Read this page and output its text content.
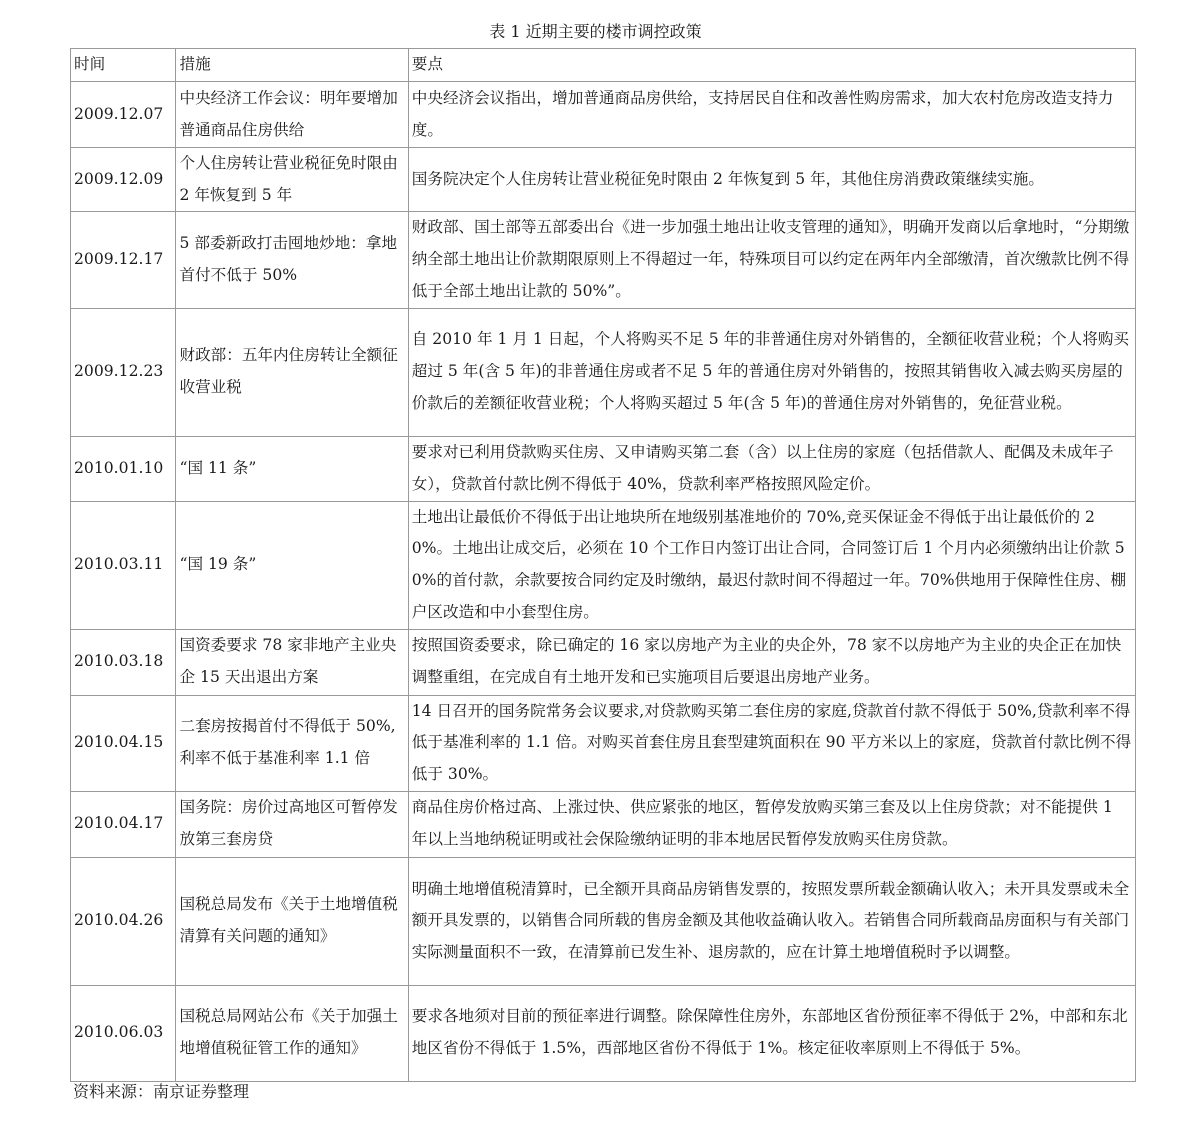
表 1 近期主要的楼市调控政策
时间	措施	要点
2009.12.07	中央经济工作会议：明年要增加普通商品住房供给	中央经济会议指出，增加普通商品房供给，支持居民自住和改善性购房需求，加大农村危房改造支持力度。
2009.12.09	个人住房转让营业税征免时限由 2 年恢复到 5 年	国务院决定个人住房转让营业税征免时限由 2 年恢复到 5 年，其他住房消费政策继续实施。
2009.12.17	5 部委新政打击囤地炒地：拿地首付不低于 50%	财政部、国土部等五部委出台《进一步加强土地出让收支管理的通知》，明确开发商以后拿地时，“分期缴纳全部土地出让价款期限原则上不得超过一年，特殊项目可以约定在两年内全部缴清，首次缴款比例不得低于全部土地出让款的 50%”。
2009.12.23	财政部：五年内住房转让全额征收营业税	自 2010 年 1 月 1 日起，个人将购买不足 5 年的非普通住房对外销售的，全额征收营业税；个人将购买超过 5 年(含 5 年)的非普通住房或者不足 5 年的普通住房对外销售的，按照其销售收入减去购买房屋的价款后的差额征收营业税；个人将购买超过 5 年(含 5 年)的普通住房对外销售的，免征营业税。
2010.01.10	“国 11 条”	要求对已利用贷款购买住房、又申请购买第二套（含）以上住房的家庭（包括借款人、配偶及未成年子女），贷款首付款比例不得低于 40%，贷款利率严格按照风险定价。
2010.03.11	“国 19 条”	土地出让最低价不得低于出让地块所在地级别基准地价的 70%,竞买保证金不得低于出让最低价的 20%。土地出让成交后，必须在 10 个工作日内签订出让合同，合同签订后 1 个月内必须缴纳出让价款 50%的首付款，余款要按合同约定及时缴纳，最迟付款时间不得超过一年。70%供地用于保障性住房、棚户区改造和中小套型住房。
2010.03.18	国资委要求 78 家非地产主业央企 15 天出退出方案	按照国资委要求，除已确定的 16 家以房地产为主业的央企外，78 家不以房地产为主业的央企正在加快调整重组，在完成自有土地开发和已实施项目后要退出房地产业务。
2010.04.15	二套房按揭首付不得低于 50%,利率不低于基准利率 1.1 倍	14 日召开的国务院常务会议要求,对贷款购买第二套住房的家庭,贷款首付款不得低于 50%,贷款利率不得低于基准利率的 1.1 倍。对购买首套住房且套型建筑面积在 90 平方米以上的家庭，贷款首付款比例不得低于 30%。
2010.04.17	国务院：房价过高地区可暂停发放第三套房贷	商品住房价格过高、上涨过快、供应紧张的地区，暂停发放购买第三套及以上住房贷款；对不能提供 1 年以上当地纳税证明或社会保险缴纳证明的非本地居民暂停发放购买住房贷款。
2010.04.26	国税总局发布《关于土地增值税清算有关问题的通知》	明确土地增值税清算时，已全额开具商品房销售发票的，按照发票所载金额确认收入；未开具发票或未全额开具发票的，以销售合同所载的售房金额及其他收益确认收入。若销售合同所载商品房面积与有关部门实际测量面积不一致，在清算前已发生补、退房款的，应在计算土地增值税时予以调整。
2010.06.03	国税总局网站公布《关于加强土地增值税征管工作的通知》	要求各地须对目前的预征率进行调整。除保障性住房外，东部地区省份预征率不得低于 2%，中部和东北地区省份不得低于 1.5%，西部地区省份不得低于 1%。核定征收率原则上不得低于 5%。
资料来源：南京证券整理
